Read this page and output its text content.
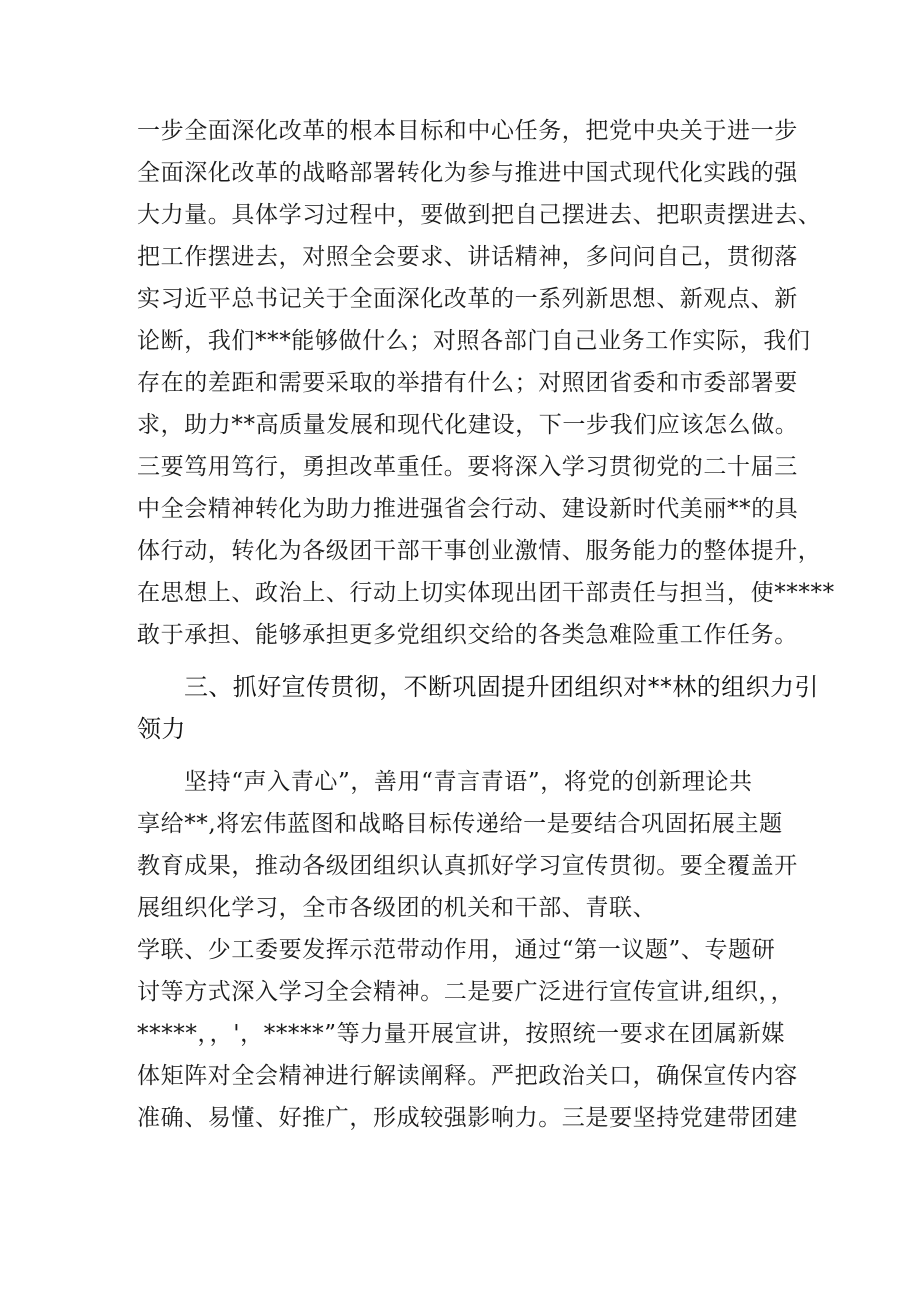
一步全面深化改革的根本目标和中心任务，把党中央关于进一步
全面深化改革的战略部署转化为参与推进中国式现代化实践的强
大力量。具体学习过程中，要做到把自己摆进去、把职责摆进去、
把工作摆进去，对照全会要求、讲话精神，多问问自己，贯彻落
实习近平总书记关于全面深化改革的一系列新思想、新观点、新
论断，我们***能够做什么；对照各部门自己业务工作实际，我们
存在的差距和需要采取的举措有什么；对照团省委和市委部署要
求，助力**高质量发展和现代化建设，下一步我们应该怎么做。
三要笃用笃行，勇担改革重任。要将深入学习贯彻党的二十届三
中全会精神转化为助力推进强省会行动、建设新时代美丽**的具
体行动，转化为各级团干部干事创业激情、服务能力的整体提升，
在思想上、政治上、行动上切实体现出团干部责任与担当，使*****
敢于承担、能够承担更多党组织交给的各类急难险重工作任务。
三、抓好宣传贯彻，不断巩固提升团组织对**林的组织力引
领力
坚持“声入青心”，善用“青言青语”，将党的创新理论共
享给**,将宏伟蓝图和战略目标传递给一是要结合巩固拓展主题
教育成果，推动各级团组织认真抓好学习宣传贯彻。要全覆盖开
展组织化学习，全市各级团的机关和干部、青联、
学联、少工委要发挥示范带动作用，通过“第一议题”、专题研
讨等方式深入学习全会精神。二是要广泛进行宣传宣讲,组织，，
*****，，'，*****”等力量开展宣讲，按照统一要求在团属新媒
体矩阵对全会精神进行解读阐释。严把政治关口，确保宣传内容
准确、易懂、好推广，形成较强影响力。三是要坚持党建带团建
